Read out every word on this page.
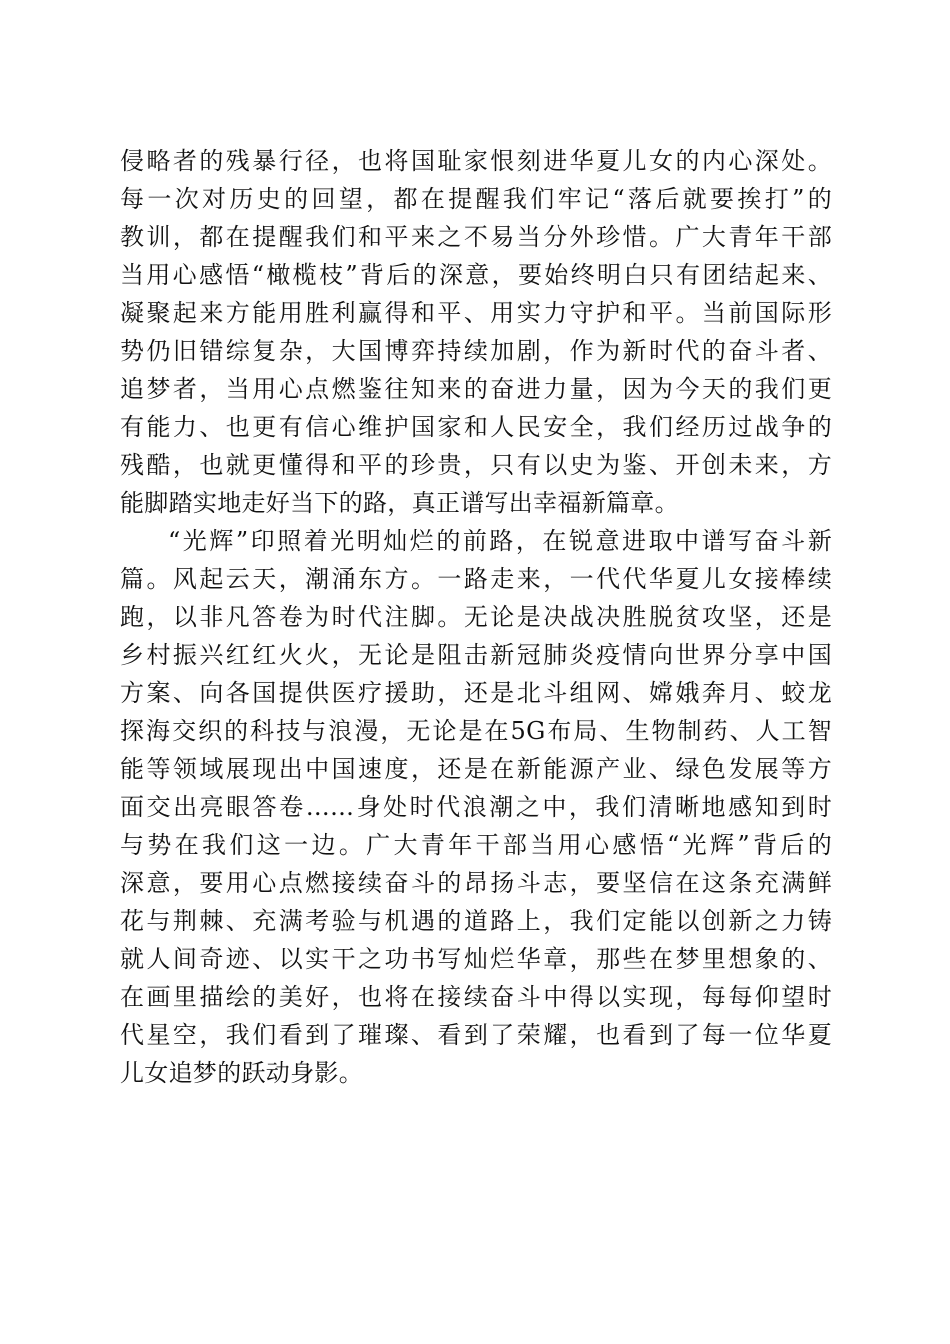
侵略者的残暴行径，也将国耻家恨刻进华夏儿女的内心深处。
每一次对历史的回望，都在提醒我们牢记“落后就要挨打”的
教训，都在提醒我们和平来之不易当分外珍惜。广大青年干部
当用心感悟“橄榄枝”背后的深意，要始终明白只有团结起来、
凝聚起来方能用胜利赢得和平、用实力守护和平。当前国际形
势仍旧错综复杂，大国博弈持续加剧，作为新时代的奋斗者、
追梦者，当用心点燃鉴往知来的奋进力量，因为今天的我们更
有能力、也更有信心维护国家和人民安全，我们经历过战争的
残酷，也就更懂得和平的珍贵，只有以史为鉴、开创未来，方
能脚踏实地走好当下的路，真正谱写出幸福新篇章。
“光辉”印照着光明灿烂的前路，在锐意进取中谱写奋斗新
篇。风起云天，潮涌东方。一路走来，一代代华夏儿女接棒续
跑，以非凡答卷为时代注脚。无论是决战决胜脱贫攻坚，还是
乡村振兴红红火火，无论是阻击新冠肺炎疫情向世界分享中国
方案、向各国提供医疗援助，还是北斗组网、嫦娥奔月、蛟龙
探海交织的科技与浪漫，无论是在5G布局、生物制药、人工智
能等领域展现出中国速度，还是在新能源产业、绿色发展等方
面交出亮眼答卷……身处时代浪潮之中，我们清晰地感知到时
与势在我们这一边。广大青年干部当用心感悟“光辉”背后的
深意，要用心点燃接续奋斗的昂扬斗志，要坚信在这条充满鲜
花与荆棘、充满考验与机遇的道路上，我们定能以创新之力铸
就人间奇迹、以实干之功书写灿烂华章，那些在梦里想象的、
在画里描绘的美好，也将在接续奋斗中得以实现，每每仰望时
代星空，我们看到了璀璨、看到了荣耀，也看到了每一位华夏
儿女追梦的跃动身影。
